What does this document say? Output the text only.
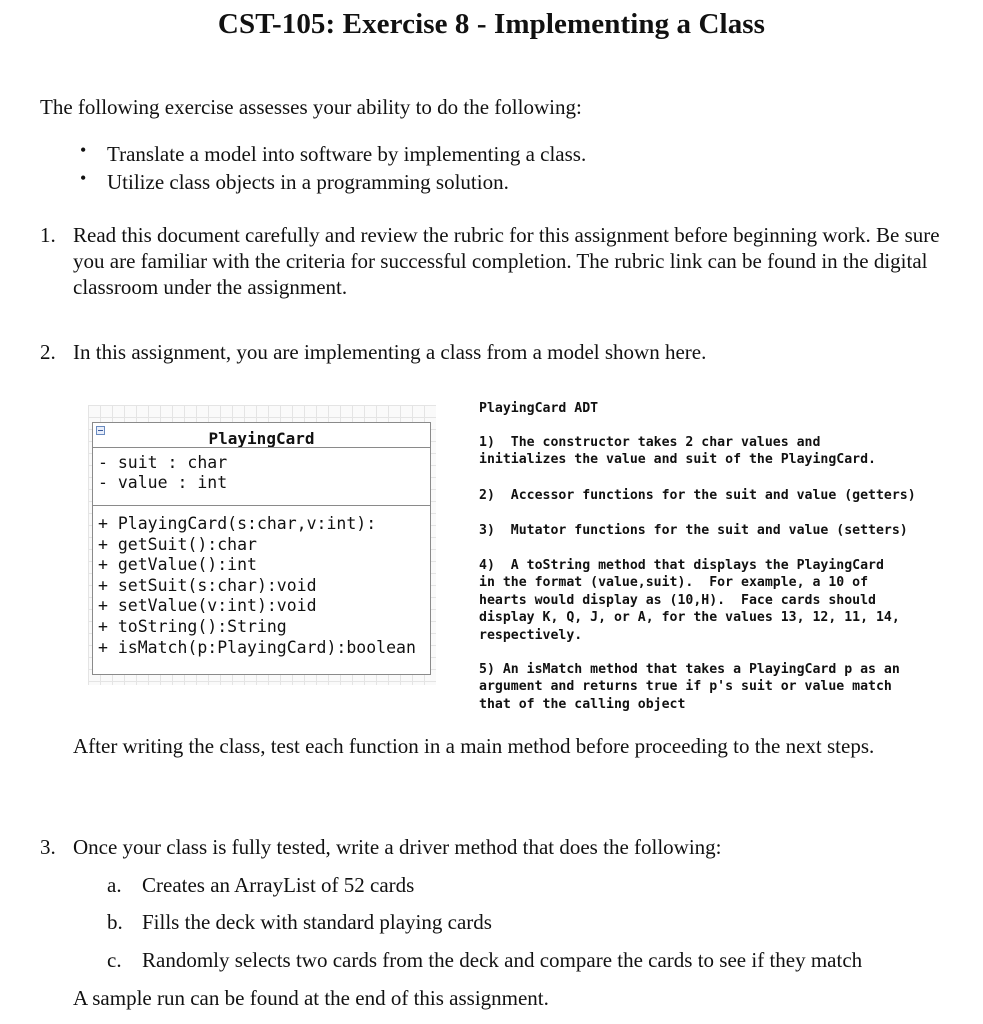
CST-105: Exercise 8 - Implementing a Class
The following exercise assesses your ability to do the following:
• Translate a model into software by implementing a class.
• Utilize class objects in a programming solution.
1. Read this document carefully and review the rubric for this assignment before beginning work. Be sure you are familiar with the criteria for successful completion. The rubric link can be found in the digital classroom under the assignment.
2. In this assignment, you are implementing a class from a model shown here.
PlayingCard
- suit : char
- value : int
+ PlayingCard(s:char,v:int):
+ getSuit():char
+ getValue():int
+ setSuit(s:char):void
+ setValue(v:int):void
+ toString():String
+ isMatch(p:PlayingCard):boolean
PlayingCard ADT
1)  The constructor takes 2 char values and
initializes the value and suit of the PlayingCard.
2)  Accessor functions for the suit and value (getters)
3)  Mutator functions for the suit and value (setters)
4)  A toString method that displays the PlayingCard
in the format (value,suit).  For example, a 10 of
hearts would display as (10,H).  Face cards should
display K, Q, J, or A, for the values 13, 12, 11, 14,
respectively.
5) An isMatch method that takes a PlayingCard p as an
argument and returns true if p's suit or value match
that of the calling object
After writing the class, test each function in a main method before proceeding to the next steps.
3. Once your class is fully tested, write a driver method that does the following:
a. Creates an ArrayList of 52 cards
b. Fills the deck with standard playing cards
c. Randomly selects two cards from the deck and compare the cards to see if they match
A sample run can be found at the end of this assignment.
